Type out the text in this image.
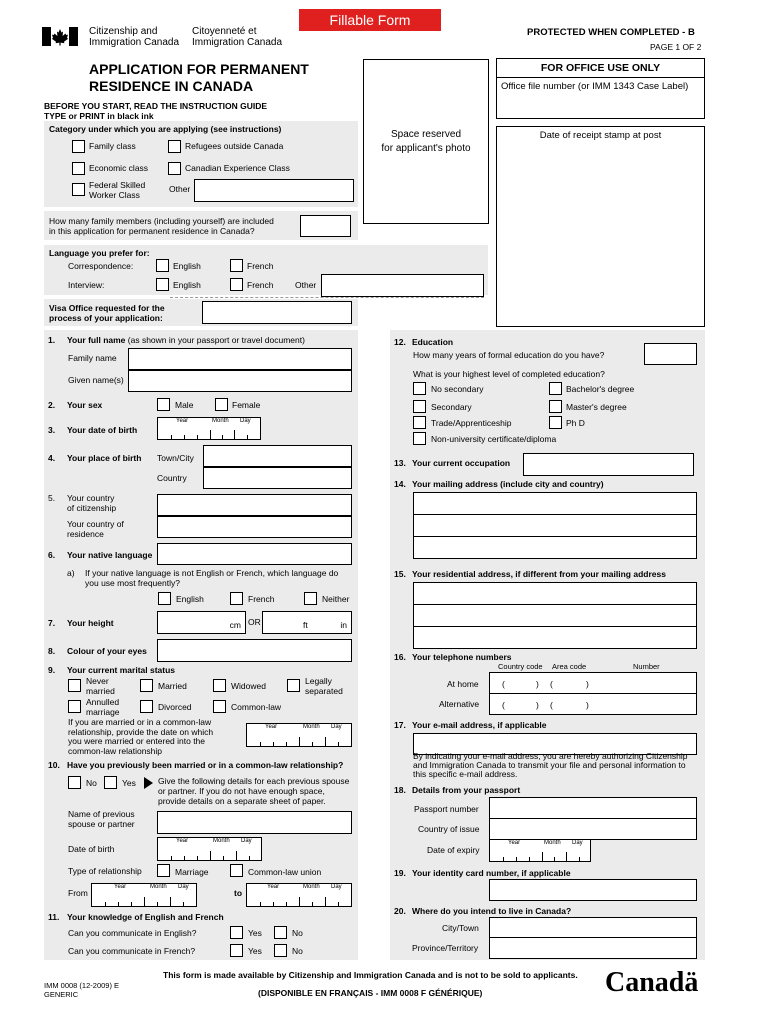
Citizenship and
Immigration Canada
Citoyenneté et
Immigration Canada
Fillable Form
PROTECTED WHEN COMPLETED - B
PAGE 1 OF 2
APPLICATION FOR PERMANENT
RESIDENCE IN CANADA
BEFORE YOU START, READ THE INSTRUCTION GUIDE
TYPE or PRINT in black ink
Space reserved
for applicant's photo
FOR OFFICE USE ONLY
Office file number (or IMM 1343 Case Label)
Date of receipt stamp at post
Category under which you are applying (see instructions)
Family class	Refugees outside Canada
Economic class	Canadian Experience Class
Federal Skilled
Worker Class
Other
How many family members (including yourself) are included
in this application for permanent residence in Canada?
Language you prefer for:
Correspondence:	English	French
Interview:	English	French	Other
Visa Office requested for the
process of your application:
1. Your full name (as shown in your passport or travel document)
Family name
Given name(s)
2. Your sex	Male	Female
3. Your date of birth
Year	Month Day
4. Your place of birth Town/City
Country
5. Your country
of citizenship
Your country of
residence
6. Your native language
a) If your native language is not English or French, which language do
you use most frequently?
English	French	Neither
7. Your height	cm OR	ft	in
8. Colour of your eyes
9. Your current marital status
Never
married	Married	Widowed	Legally
separated
Annulled
marriage	Divorced	Common-law
If you are married or in a common-law
relationship, provide the date on which
you were married or entered into the
common-law relationship
Year	Month Day
10. Have you previously been married or in a common-law relationship?
No	Yes	Give the following details for each previous spouse
or partner. If you do not have enough space,
provide details on a separate sheet of paper.
Name of previous
spouse or partner
Date of birth
Year	Month Day
Type of relationship	Marriage	Common-law union
From
Year	Month Day
to
Year	Month Day
11. Your knowledge of English and French
Can you communicate in English?	Yes	No
Can you communicate in French?	Yes	No
12. Education
How many years of formal education do you have?
What is your highest level of completed education?
No secondary	Bachelor's degree
Secondary	Master's degree
Trade/Apprenticeship	Ph D
Non-university certificate/diploma
13. Your current occupation
14. Your mailing address (include city and country)
15. Your residential address, if different from your mailing address
16. Your telephone numbers
Country code Area code	Number
At home	(	) (	)
Alternative	(	) (	)
17. Your e-mail address, if applicable
By indicating your e-mail address, you are hereby authorizing Citizenship
and Immigration Canada to transmit your file and personal information to
this specific e-mail address.
18. Details from your passport
Passport number
Country of issue
Date of expiry
Year	Month Day
19. Your identity card number, if applicable
20. Where do you intend to live in Canada?
City/Town
Province/Territory
IMM 0008 (12-2009) E
GENERIC
This form is made available by Citizenship and Immigration Canada and is not to be sold to applicants.
(DISPONIBLE EN FRANÇAIS - IMM 0008 F GÉNÉRIQUE)	Canadä
